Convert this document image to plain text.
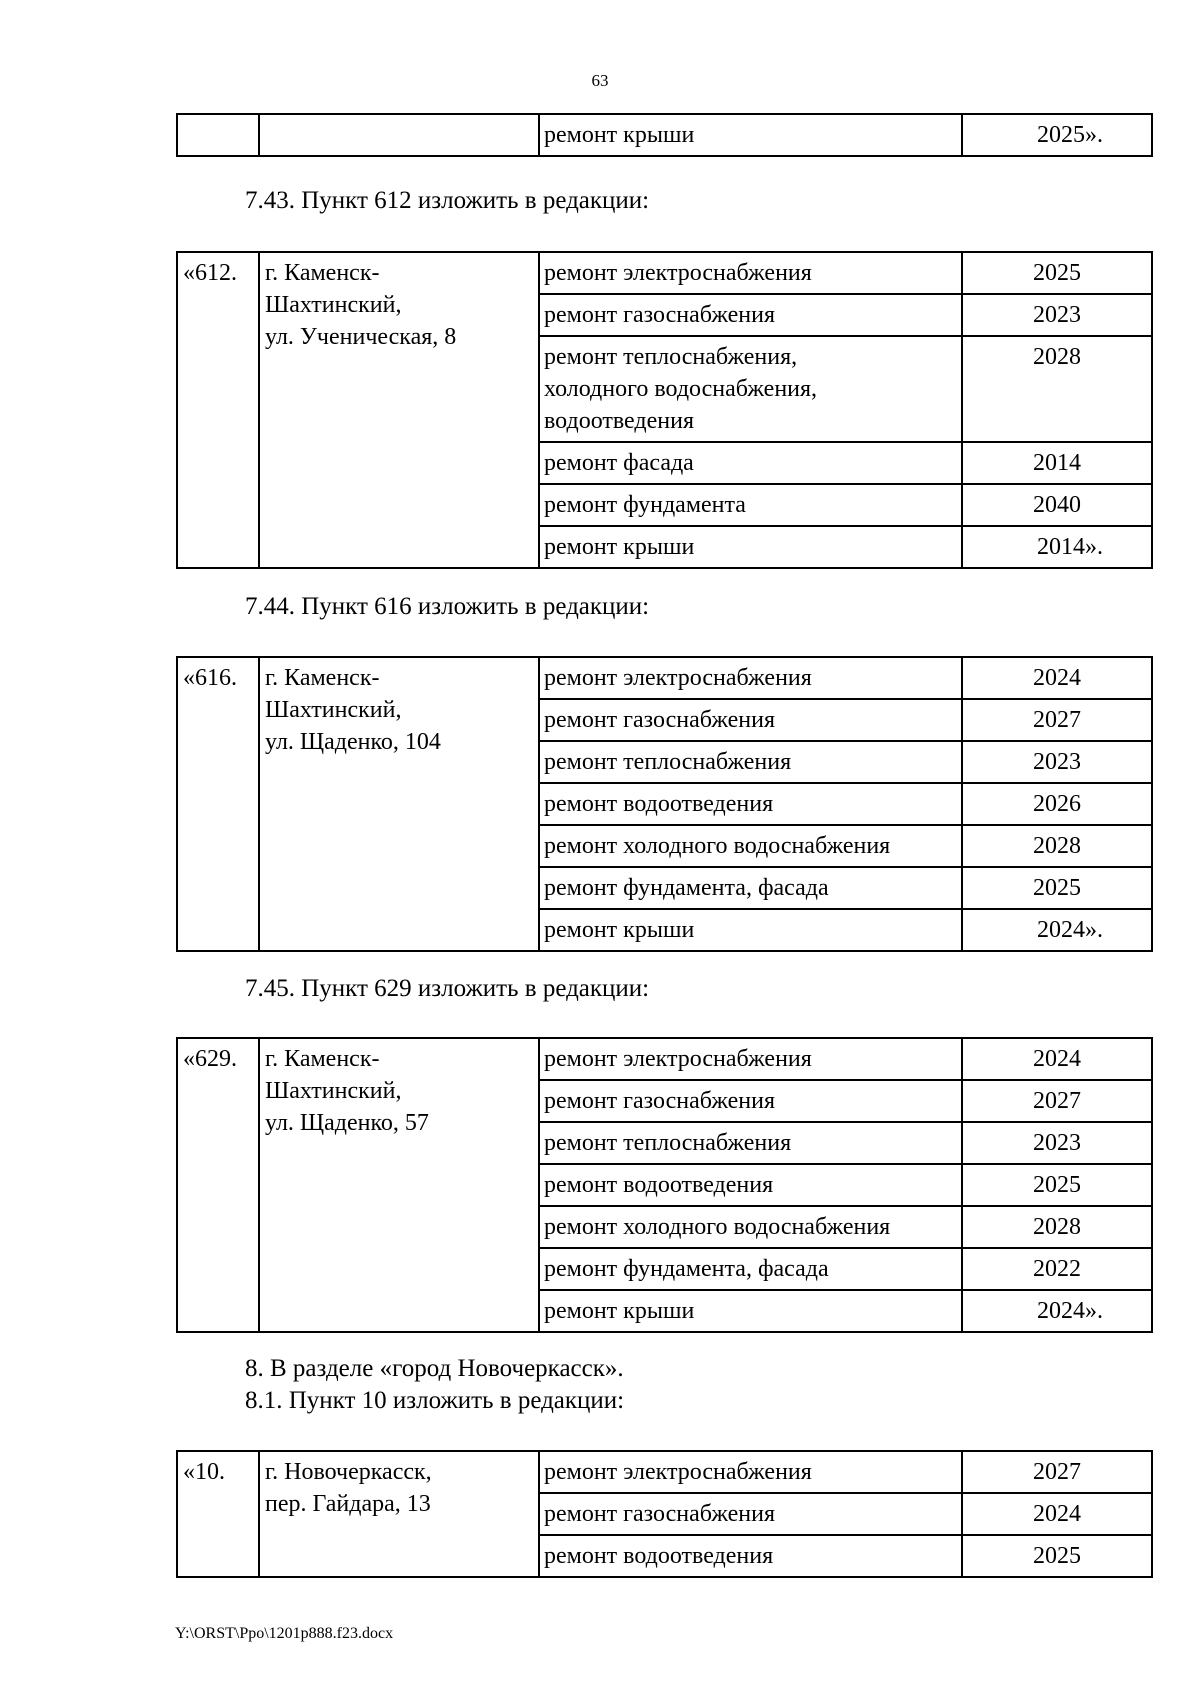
63
		ремонт крыши	2025».
7.43. Пункт 612 изложить в редакции:
«612.	г. Каменск-
Шахтинский,
ул. Ученическая, 8	ремонт электроснабжения	2025

		ремонт газоснабжения	2023

		ремонт теплоснабжения,
холодного водоснабжения,
водоотведения	2028

		ремонт фасада	2014

		ремонт фундамента	2040

		ремонт крыши	2014».
7.44. Пункт 616 изложить в редакции:
«616.	г. Каменск-
Шахтинский,
ул. Щаденко, 104	ремонт электроснабжения	2024

		ремонт газоснабжения	2027

		ремонт теплоснабжения	2023

		ремонт водоотведения	2026

		ремонт холодного водоснабжения	2028

		ремонт фундамента, фасада	2025

		ремонт крыши	2024».
7.45. Пункт 629 изложить в редакции:
«629.	г. Каменск-
Шахтинский,
ул. Щаденко, 57	ремонт электроснабжения	2024

		ремонт газоснабжения	2027

		ремонт теплоснабжения	2023

		ремонт водоотведения	2025

		ремонт холодного водоснабжения	2028

		ремонт фундамента, фасада	2022

		ремонт крыши	2024».
8. В разделе «город Новочеркасск».
8.1. Пункт 10 изложить в редакции:
«10.	г. Новочеркасск,
пер. Гайдара, 13	ремонт электроснабжения	2027

		ремонт газоснабжения	2024

		ремонт водоотведения	2025
Y:\ORST\Ppo\1201p888.f23.docx
